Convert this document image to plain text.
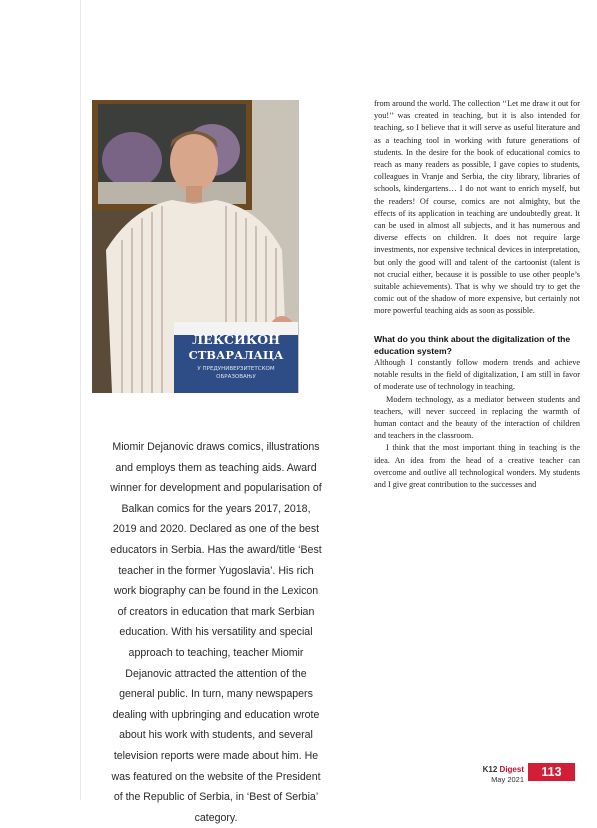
ЛЕКСИКОН
СТВАРАЛАЦА
У ПРЕДУНИВЕРЗИТЕТСКОМ
ОБРАЗОВАЊУ

Miomir Dejanovic draws comics, illustrations and employs them as teaching aids. Award winner for development and popularisation of Balkan comics for the years 2017, 2018, 2019 and 2020. Declared as one of the best educators in Serbia. Has the award/title ‘Best teacher in the former Yugoslavia’. His rich work biography can be found in the Lexicon of creators in education that mark Serbian education. With his versatility and special approach to teaching, teacher Miomir Dejanovic attracted the attention of the general public. In turn, many newspapers dealing with upbringing and education wrote about his work with students, and several television reports were made about him. He was featured on the website of the President of the Republic of Serbia, in ‘Best of Serbia’ category.

from around the world. The collection ‘‘Let me draw it out for you!’’ was created in teaching, but it is also intended for teaching, so I believe that it will serve as useful literature and as a teaching tool in working with future generations of students. In the desire for the book of educational comics to reach as many readers as possible, I gave copies to students, colleagues in Vranje and Serbia, the city library, libraries of schools, kindergartens… I do not want to enrich myself, but the readers! Of course, comics are not almighty, but the effects of its application in teaching are undoubtedly great. It can be used in almost all subjects, and it has numerous and diverse effects on children. It does not require large investments, nor expensive technical devices in interpretation, but only the good will and talent of the cartoonist (talent is not crucial either, because it is possible to use other people’s suitable achievements). That is why we should try to get the comic out of the shadow of more expensive, but certainly not more powerful teaching aids as soon as possible.

What do you think about the digitalization of the education system?

Although I constantly follow modern trends and achieve notable results in the field of digitalization, I am still in favor of moderate use of technology in teaching.

Modern technology, as a mediator between students and teachers, will never succeed in replacing the warmth of human contact and the beauty of the interaction of children and teachers in the classroom.

I think that the most important thing in teaching is the idea. An idea from the head of a creative teacher can overcome and outlive all technological wonders. My students and I give great contribution to the successes and

K12 Digest
May 2021
113
